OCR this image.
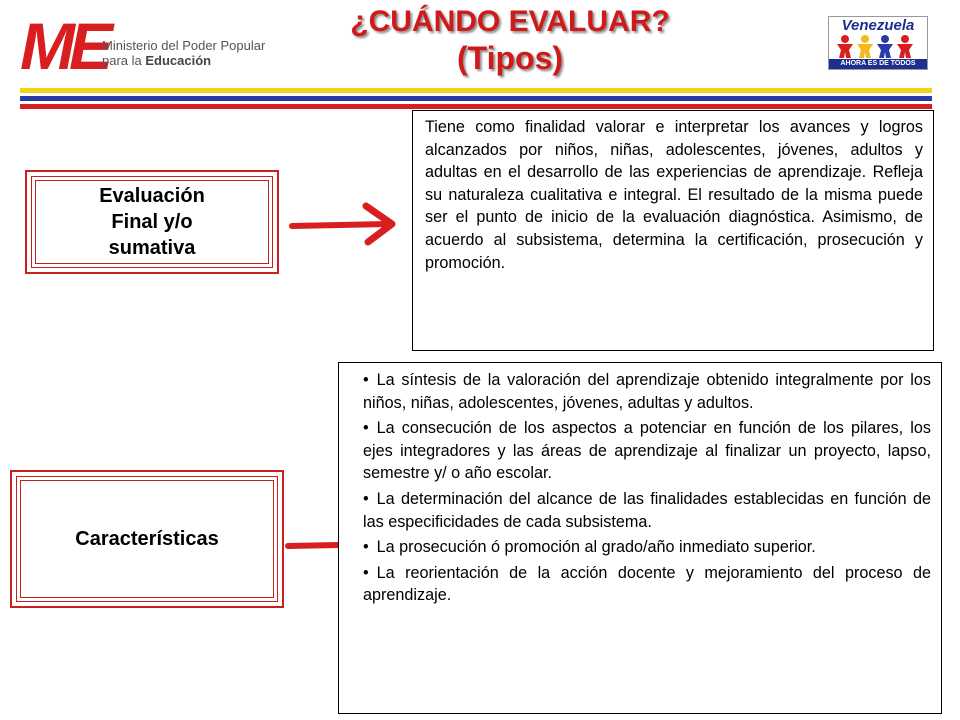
ME
Ministerio del Poder Popular
para la Educación
¿CUÁNDO EVALUAR?
(Tipos)
Venezuela
AHORA ES DE TODOS
Evaluación
Final y/o
sumativa
Tiene como finalidad valorar e interpretar los avances y logros alcanzados por niños, niñas, adolescentes, jóvenes, adultos y adultas en el desarrollo de las experiencias de aprendizaje. Refleja su naturaleza cualitativa e integral. El resultado de la misma puede ser el punto de inicio de la evaluación diagnóstica. Asimismo, de acuerdo al subsistema, determina la certificación, prosecución y promoción.
Características
• La síntesis de la valoración del aprendizaje obtenido integralmente por los niños, niñas, adolescentes, jóvenes, adultas y adultos.
• La consecución de los aspectos a potenciar en función de los pilares, los ejes integradores y las áreas de aprendizaje al finalizar un proyecto, lapso, semestre y/ o año escolar.
• La determinación del alcance de las finalidades establecidas en función de las especificidades de cada subsistema.
• La prosecución ó promoción al grado/año inmediato superior.
• La reorientación de la acción docente y mejoramiento del proceso de aprendizaje.
